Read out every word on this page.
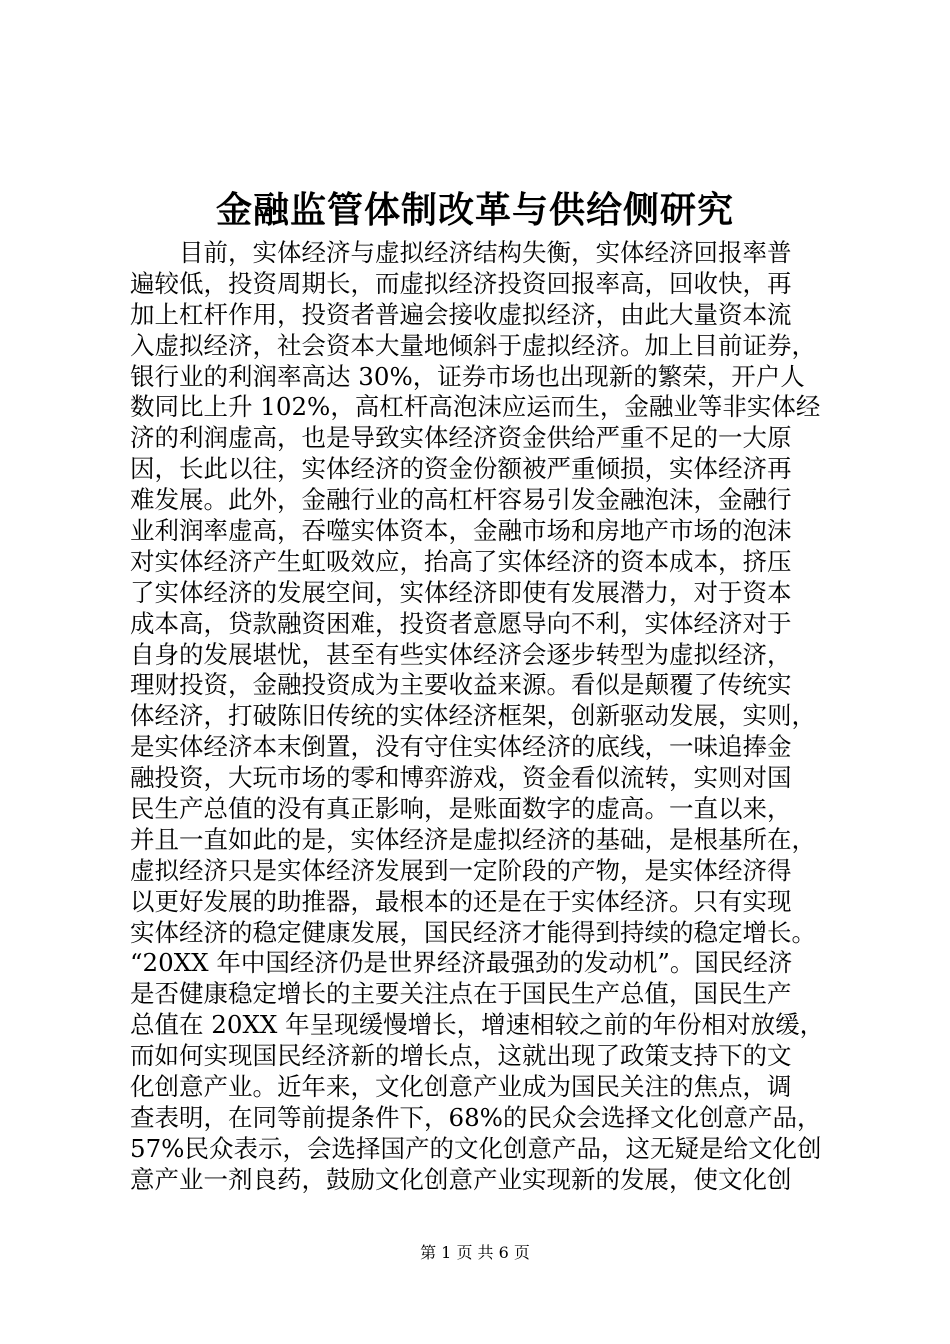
金融监管体制改革与供给侧研究
　　目前，实体经济与虚拟经济结构失衡，实体经济回报率普
遍较低，投资周期长，而虚拟经济投资回报率高，回收快，再
加上杠杆作用，投资者普遍会接收虚拟经济，由此大量资本流
入虚拟经济，社会资本大量地倾斜于虚拟经济。加上目前证券，
银行业的利润率高达 30%，证券市场也出现新的繁荣，开户人
数同比上升 102%，高杠杆高泡沫应运而生，金融业等非实体经
济的利润虚高，也是导致实体经济资金供给严重不足的一大原
因，长此以往，实体经济的资金份额被严重倾损，实体经济再
难发展。此外，金融行业的高杠杆容易引发金融泡沫，金融行
业利润率虚高，吞噬实体资本，金融市场和房地产市场的泡沫
对实体经济产生虹吸效应，抬高了实体经济的资本成本，挤压
了实体经济的发展空间，实体经济即使有发展潜力，对于资本
成本高，贷款融资困难，投资者意愿导向不利，实体经济对于
自身的发展堪忧，甚至有些实体经济会逐步转型为虚拟经济，
理财投资，金融投资成为主要收益来源。看似是颠覆了传统实
体经济，打破陈旧传统的实体经济框架，创新驱动发展，实则，
是实体经济本末倒置，没有守住实体经济的底线，一味追捧金
融投资，大玩市场的零和博弈游戏，资金看似流转，实则对国
民生产总值的没有真正影响，是账面数字的虚高。一直以来，
并且一直如此的是，实体经济是虚拟经济的基础，是根基所在，
虚拟经济只是实体经济发展到一定阶段的产物，是实体经济得
以更好发展的助推器，最根本的还是在于实体经济。只有实现
实体经济的稳定健康发展，国民经济才能得到持续的稳定增长。
“20XX 年中国经济仍是世界经济最强劲的发动机”。国民经济
是否健康稳定增长的主要关注点在于国民生产总值，国民生产
总值在 20XX 年呈现缓慢增长，增速相较之前的年份相对放缓，
而如何实现国民经济新的增长点，这就出现了政策支持下的文
化创意产业。近年来，文化创意产业成为国民关注的焦点，调
查表明，在同等前提条件下，68%的民众会选择文化创意产品，
57%民众表示，会选择国产的文化创意产品，这无疑是给文化创
意产业一剂良药，鼓励文化创意产业实现新的发展，使文化创
第 1 页 共 6 页
